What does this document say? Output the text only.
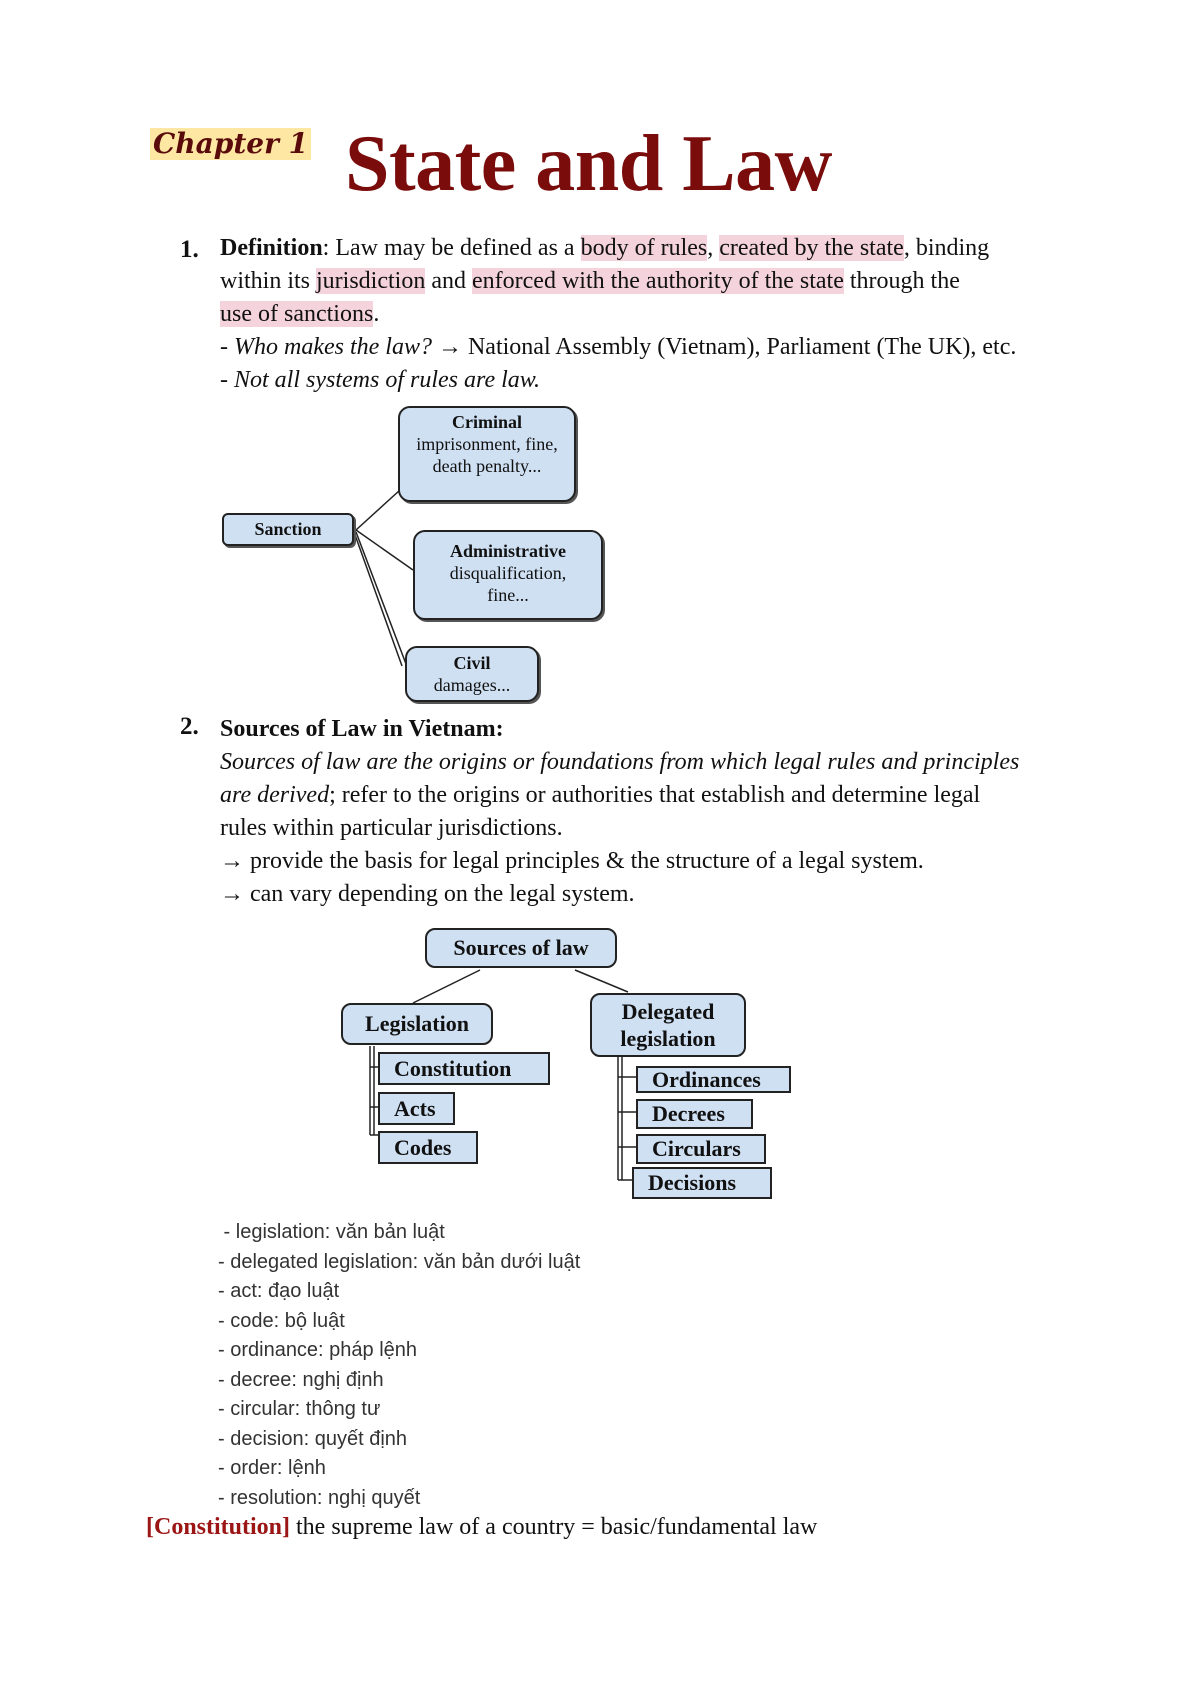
Chapter 1 State and Law
1. Definition: Law may be defined as a body of rules, created by the state, binding
within its jurisdiction and enforced with the authority of the state through the
use of sanctions.
- Who makes the law? → National Assembly (Vietnam), Parliament (The UK), etc.
- Not all systems of rules are law.
Sanction
Criminal
imprisonment, fine, death penalty...
Administrative
disqualification, fine...
Civil
damages...
2. Sources of Law in Vietnam:
Sources of law are the origins or foundations from which legal rules and principles
are derived; refer to the origins or authorities that establish and determine legal
rules within particular jurisdictions.
→ provide the basis for legal principles & the structure of a legal system.
→ can vary depending on the legal system.
Sources of law
Legislation	Delegated legislation
Constitution
Acts
Codes
Ordinances
Decrees
Circulars
Decisions
- legislation: văn bản luật
- delegated legislation: văn bản dưới luật
- act: đạo luật
- code: bộ luật
- ordinance: pháp lệnh
- decree: nghị định
- circular: thông tư
- decision: quyết định
- order: lệnh
- resolution: nghị quyết
[Constitution] the supreme law of a country = basic/fundamental law
